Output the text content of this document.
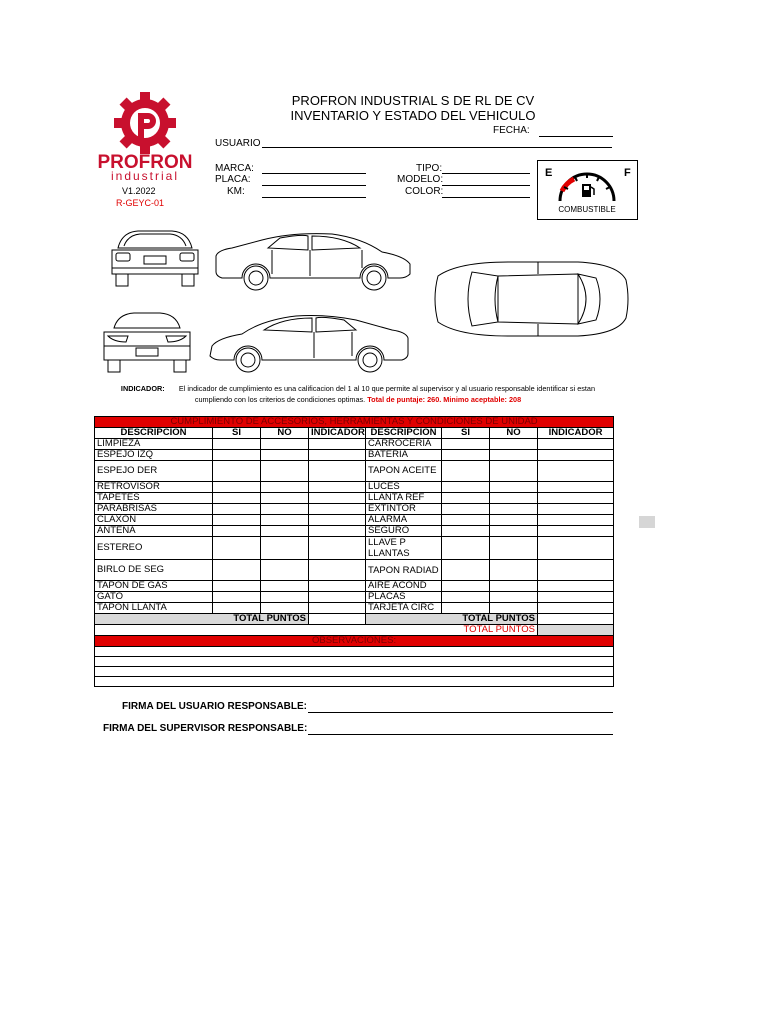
PROFRON
industrial
V1.2022
R-GEYC-01
PROFRON INDUSTRIAL S DE RL DE CV
INVENTARIO Y ESTADO DEL VEHICULO
FECHA:
USUARIO
MARCA:
PLACA:
KM:
TIPO:
MODELO:
COLOR:
E	F
COMBUSTIBLE
INDICADOR: El indicador de cumplimiento es una calificacion del 1 al 10 que permite al supervisor y al usuario responsable identificar si estan cumpliendo con los criterios de condiciones optimas. Total de puntaje: 260. Minimo aceptable: 208
CUMPLIMIENTO DE ACCESORIOS, HERRAMIENTAS Y CONDICIONES DE UNIDAD							
DESCRIPCION	SI	NO	INDICADOR	DESCRIPCION	SI	NO	INDICADOR
LIMPIEZA				CARROCERIA			
ESPEJO IZQ				BATERIA			
ESPEJO DER				TAPON ACEITE			
RETROVISOR				LUCES			
TAPETES				LLANTA REF			
PARABRISAS				EXTINTOR			
CLAXON				ALARMA			
ANTENA				SEGURO			
ESTEREO				LLAVE P LLANTAS			
BIRLO DE SEG				TAPON RADIAD			
TAPON DE GAS				AIRE ACOND			
GATO				PLACAS			
TAPON LLANTA				TARJETA CIRC			
TOTAL PUNTOS				TOTAL PUNTOS			
TOTAL PUNTOS							
OBSERVACIONES:							

FIRMA DEL USUARIO RESPONSABLE:
FIRMA DEL SUPERVISOR RESPONSABLE:
